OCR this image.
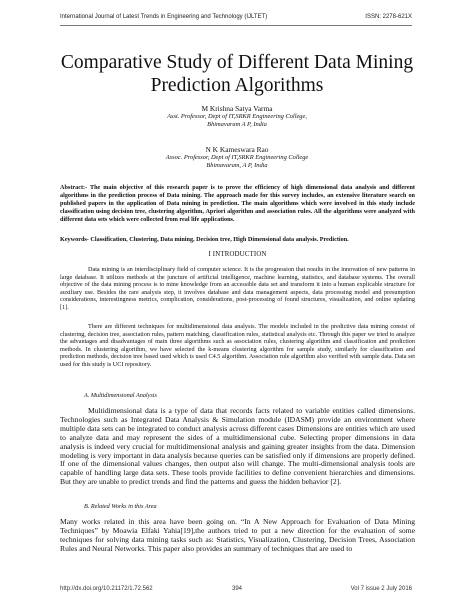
International Journal of Latest Trends in Engineering and Technology (IJLTET)	ISSN: 2278-621X
Comparative Study of Different Data Mining
Prediction Algorithms
M Krishna Satya Varma
Asst. Professor, Dept of IT,SRKR Engineering College,
Bhimavaram A P, India
N K Kameswara Rao
Assoc. Professor, Dept of IT,SRKR Engineering College
Bhimavaram, A P, India
Abstract:- The main objective of this research paper is to prove the efficiency of high dimensional data analysis and different algorithms in the prediction process of Data mining. The approach made for this survey includes, an extensive literature search on published papers in the application of Data mining in prediction. The main algorithms which were involved in this study include classification using decision tree, clustering algorithm, Apriori algorithm and association rules. All the algorithms were analyzed with different data sets which were collected from real life applications.
Keywords- Classification, Clustering, Data mining, Decision tree, High Dimensional data analysis. Prediction.
I INTRODUCTION
Data mining is an interdisciplinary field of computer science. It is the progression that results in the innovation of new patterns in large database. It utilizes methods at the juncture of artificial intelligence, machine learning, statistics, and database systems. The overall objective of the data mining process is to mine knowledge from an accessible data set and transform it into a human explicable structure for auxiliary use. Besides the rare analysis step, it involves database and data management aspects, data processing model and presumption considerations, interestingness metrics, complication, considerations, post-processing of found structures, visualization, and online updating [1].
There are different techniques for multidimensional data analysis. The models included in the predictive data mining consist of clustering, decision tree, association rules, pattern matching, classification rules, statistical analysis etc. Through this paper we tried to analyze the advantages and disadvantages of main three algorithms such as association rules, clustering algorithm and classification and prediction methods. In clustering algorithm, we have selected the k-means clustering algorithm for sample study, similarly for classification and prediction methods, decision tree based used which is used C4.5 algorithm. Association rule algorithm also verified with sample data. Data set used for this study is UCI repository.
A. Multidimensional Analysis
Multidimensional data is a type of data that records facts related to variable entities called dimensions. Technologies such as Integrated Data Analysis & Simulation module (IDASM) provide an environment where multiple data sets can be integrated to conduct analysis across different cases Dimensions are entities which are used to analyze data and may represent the sides of a multidimensional cube. Selecting proper dimensions in data analysis is indeed very crucial for multidimensional analysis and gaining greater insights from the data. Dimension modeling is very important in data analysis because queries can be satisfied only if dimensions are properly defined. If one of the dimensional values changes, then output also will change. The multi-dimensional analysis tools are capable of handling large data sets. These tools provide facilities to define convenient hierarchies and dimensions. But they are unable to predict trends and find the patterns and guess the hidden behavior [2].
B. Related Works in this Area
Many works related in this area have been going on. “In A New Approach for Evaluation of Data Mining Techniques” by Moawia Elfaki Yahia[19],the authors tried to put a new direction for the evaluation of some techniques for solving data mining tasks such as: Statistics, Visualization, Clustering, Decision Trees, Association Rules and Neural Networks. This paper also provides an summary of techniques that are used to
http://dx.doi.org/10.21172/1.72.562	394	Vol 7 issue 2 July 2016
